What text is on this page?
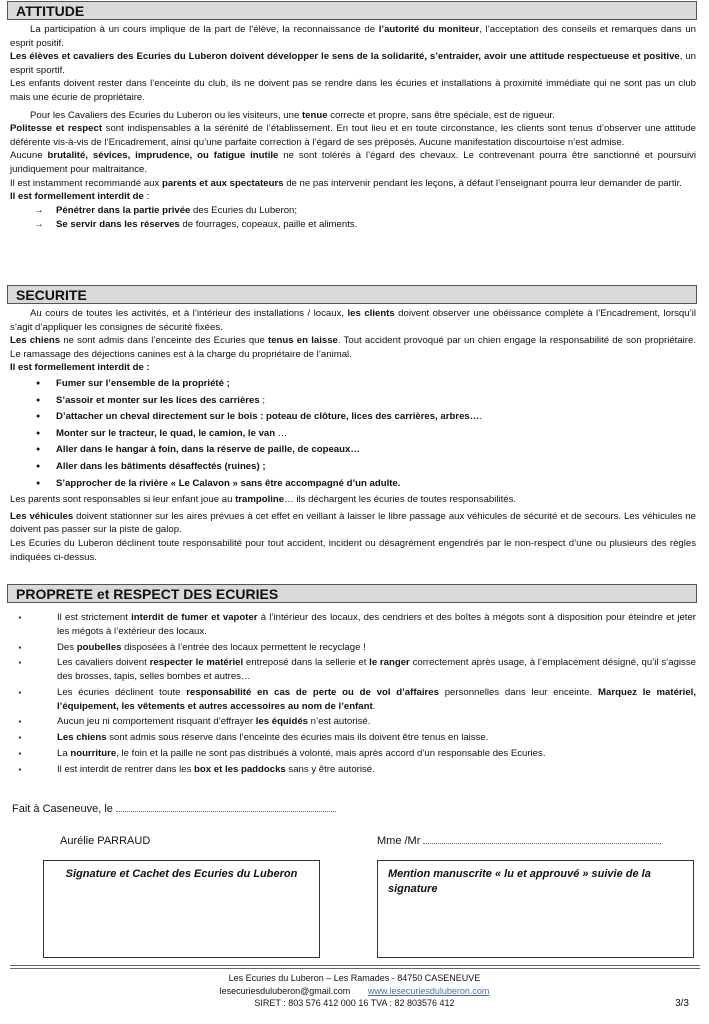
ATTITUDE

La participation à un cours implique de la part de l’élève, la reconnaissance de l’autorité du moniteur, l’acceptation des conseils et remarques dans un esprit positif.

Les élèves et cavaliers des Ecuries du Luberon doivent développer le sens de la solidarité, s’entraider, avoir une attitude respectueuse et positive, un esprit sportif.

Les enfants doivent rester dans l’enceinte du club, ils ne doivent pas se rendre dans les écuries et installations à proximité immédiate qui ne sont pas un club mais une écurie de propriétaire.

Pour les Cavaliers des Ecuries du Luberon ou les visiteurs, une tenue correcte et propre, sans être spéciale, est de rigueur.

Politesse et respect sont indispensables à la sérénité de l’établissement. En tout lieu et en toute circonstance, les clients sont tenus d’observer une attitude déférente vis-à-vis de l’Encadrement, ainsi qu’une parfaite correction à l’égard de ses préposés. Aucune manifestation discourtoise n’est admise.

Aucune brutalité, sévices, imprudence, ou fatigue inutile ne sont tolérés à l’égard des chevaux. Le contrevenant pourra être sanctionné et poursuivi juridiquement pour maltraitance.

Il est instamment recommandé aux parents et aux spectateurs de ne pas intervenir pendant les leçons, à défaut l’enseignant pourra leur demander de partir.

Il est formellement interdit de :

→ Pénétrer dans la partie privée des Ecuries du Luberon;
→ Se servir dans les réserves de fourrages, copeaux, paille et aliments.
SECURITE

Au cours de toutes les activités, et à l’intérieur des installations / locaux, les clients doivent observer une obéissance complète à l’Encadrement, lorsqu’il s’agit d’appliquer les consignes de sécurité fixées.

Les chiens ne sont admis dans l’enceinte des Ecuries que tenus en laisse. Tout accident provoqué par un chien engage la responsabilité de son propriétaire. Le ramassage des déjections canines est à la charge du propriétaire de l’animal.

Il est formellement interdit de :

● Fumer sur l’ensemble de la propriété ;
● S’assoir et monter sur les lices des carrières ;
● D’attacher un cheval directement sur le bois : poteau de clôture, lices des carrières, arbres….
● Monter sur le tracteur, le quad, le camion, le van …
● Aller dans le hangar à foin, dans la réserve de paille, de copeaux…
● Aller dans les bâtiments désaffectés (ruines) ;
● S’approcher de la rivière « Le Calavon » sans être accompagné d’un adulte.

Les parents sont responsables si leur enfant joue au trampoline… ils déchargent les écuries de toutes responsabilités.

Les véhicules doivent stationner sur les aires prévues à cet effet en veillant à laisser le libre passage aux véhicules de sécurité et de secours. Les véhicules ne doivent pas passer sur la piste de galop.

Les Ecuries du Luberon déclinent toute responsabilité pour tout accident, incident ou désagrément engendrés par le non-respect d’une ou plusieurs des règles indiquées ci-dessus.

PROPRETE et RESPECT DES ECURIES
· Il est strictement interdit de fumer et vapoter à l’intérieur des locaux, des cendriers et des boîtes à mégots sont à disposition pour éteindre et jeter les mégots à l’extérieur des locaux.
· Des poubelles disposées à l’entrée des locaux permettent le recyclage !
· Les cavaliers doivent respecter le matériel entreposé dans la sellerie et le ranger correctement après usage, à l’emplacement désigné, qu’il s’agisse des brosses, tapis, selles bombes et autres…
· Les écuries déclinent toute responsabilité en cas de perte ou de vol d’affaires personnelles dans leur enceinte. Marquez le matériel, l’équipement, les vêtements et autres accessoires au nom de l’enfant.
· Aucun jeu ni comportement risquant d’effrayer les équidés n’est autorisé.
· Les chiens sont admis sous réserve dans l’enceinte des écuries mais ils doivent être tenus en laisse.
· La nourriture, le foin et la paille ne sont pas distribués à volonté, mais après accord d’un responsable des Ecuries.
· Il est interdit de rentrer dans les box et les paddocks sans y être autorisé.
Fait à Caseneuve, le
Aurélie PARRAUD	Mme /Mr
Signature et Cachet des Ecuries du Luberon	Mention manuscrite « lu et approuvé » suivie de la signature
Les Ecuries du Luberon – Les Ramades - 84750 CASENEUVE
lesecuriesduluberon@gmail.com www.lesecuriesduluberon.com
SIRET : 803 576 412 000 16 TVA : 82 803576 412	3/3
